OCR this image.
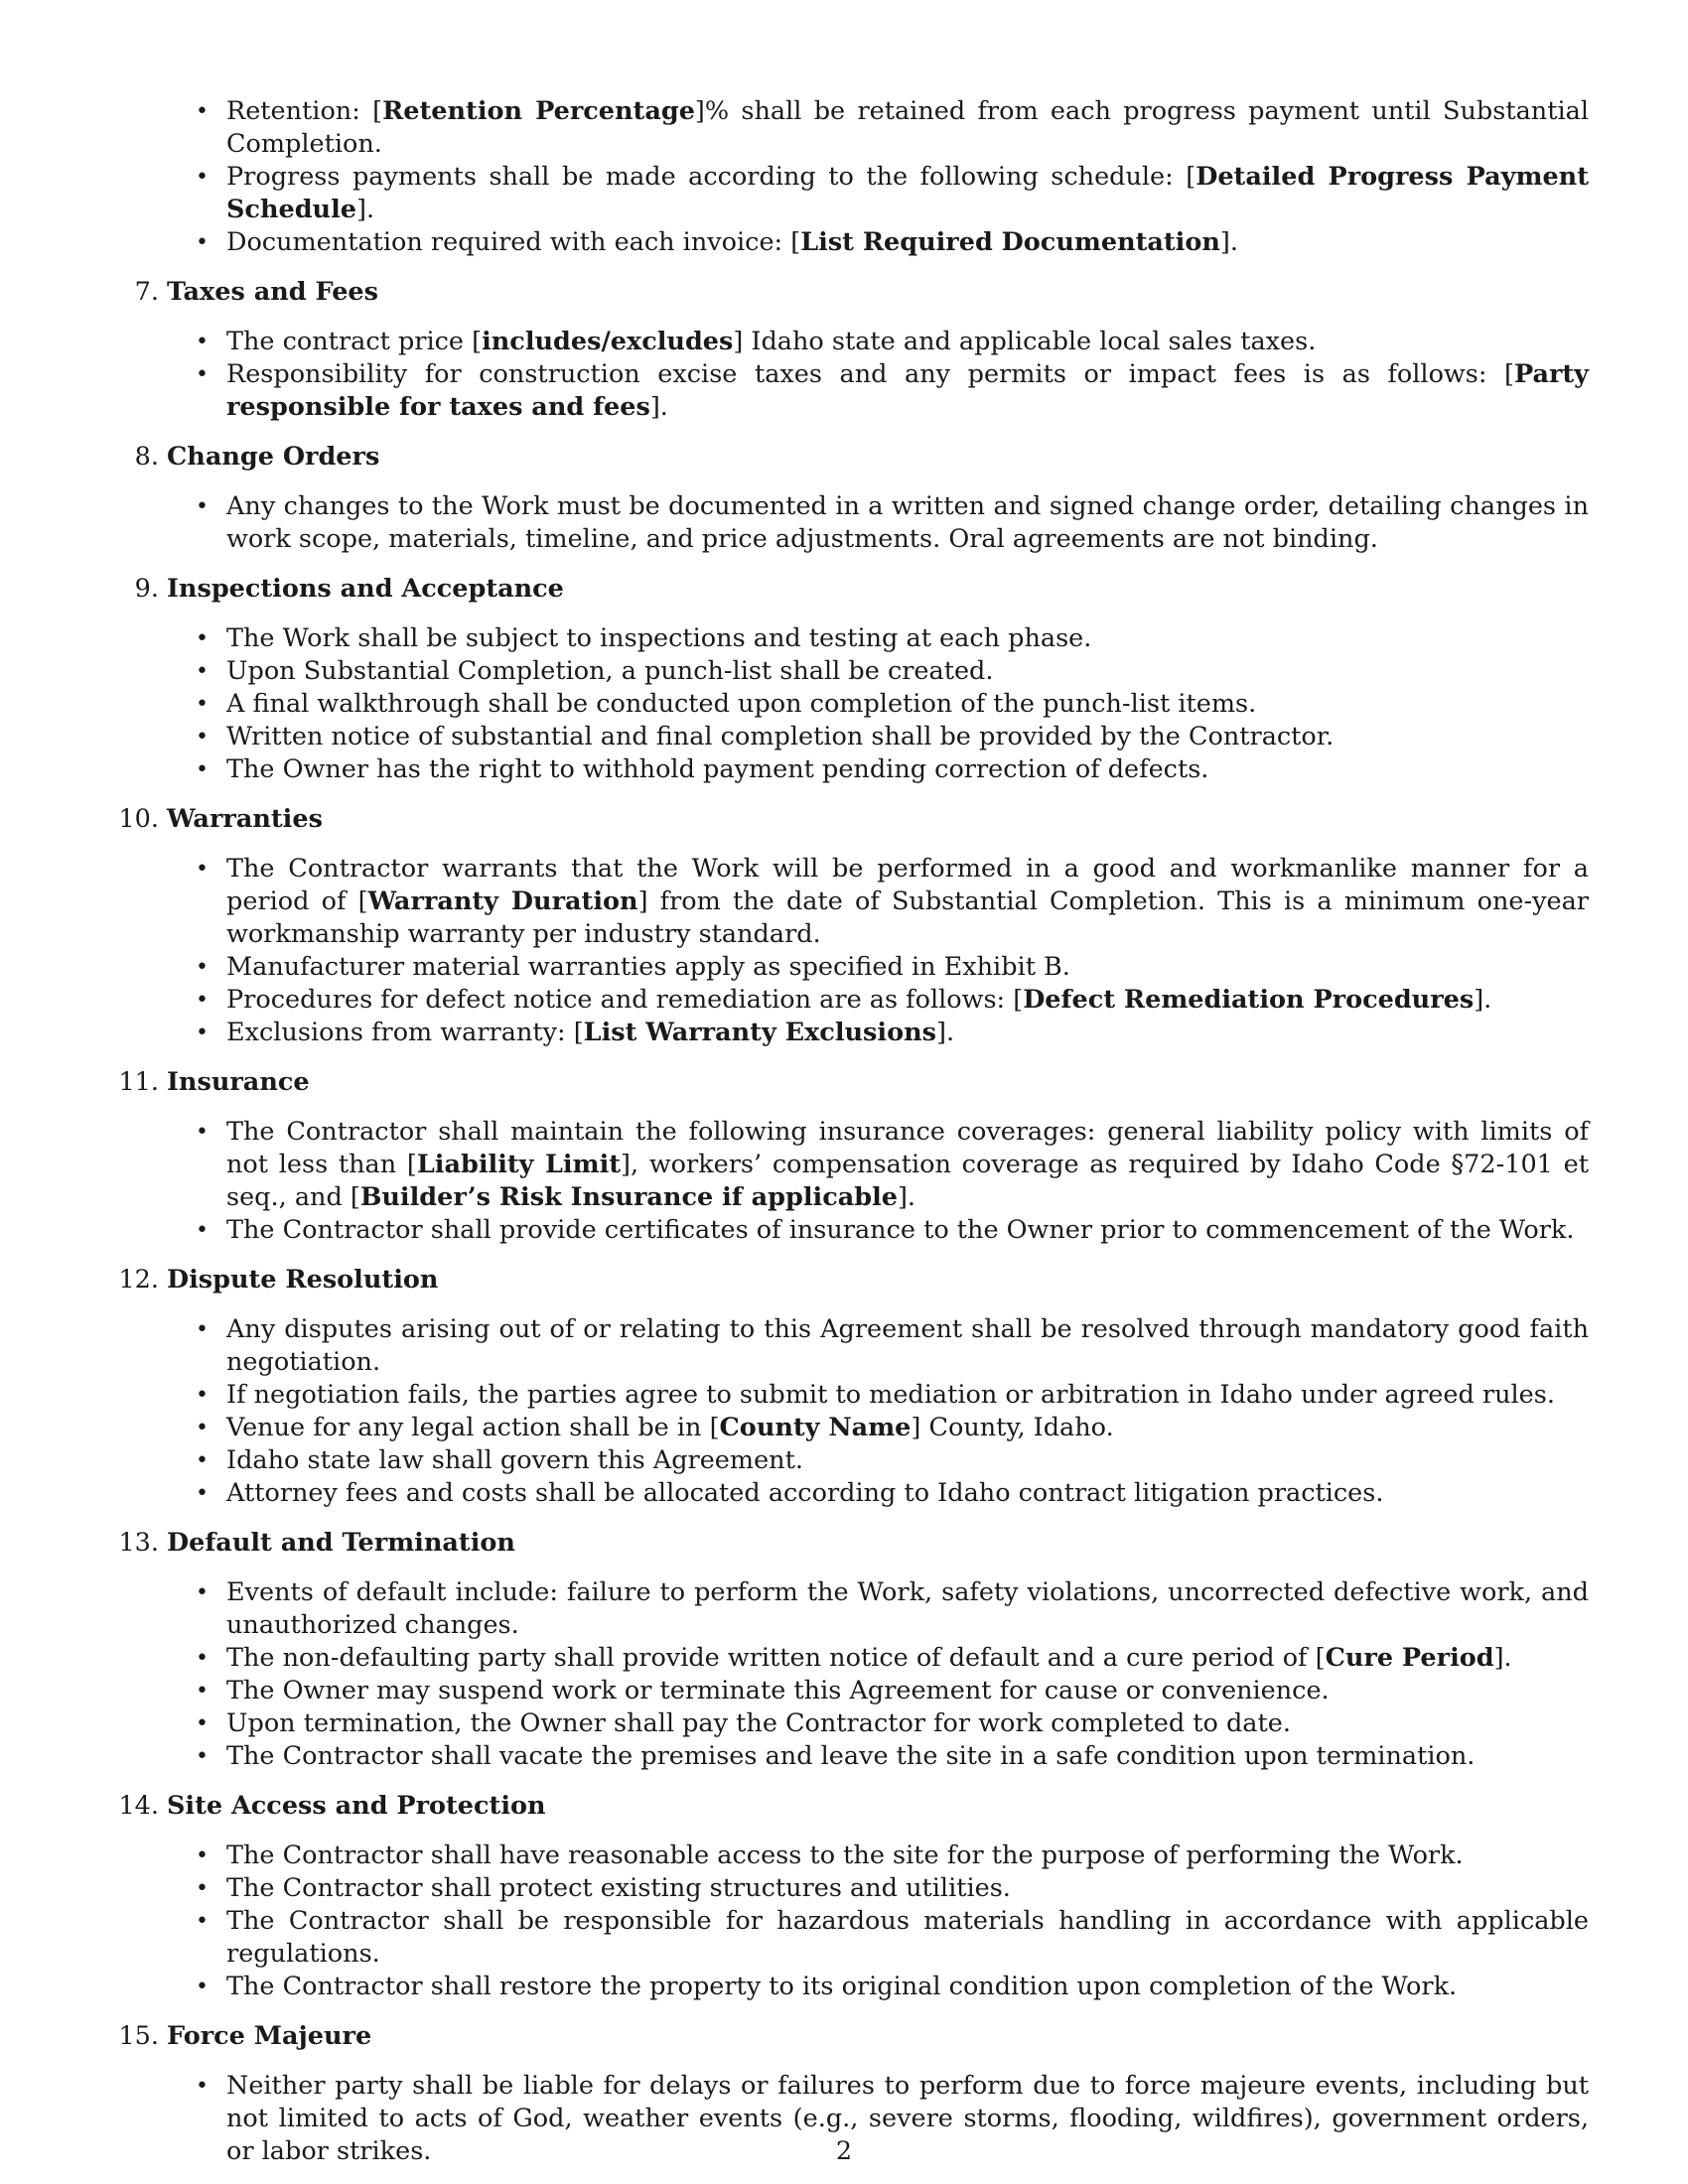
• Retention: [Retention Percentage]% shall be retained from each progress payment until Substantial Completion.
• Progress payments shall be made according to the following schedule: [Detailed Progress Payment Schedule].
• Documentation required with each invoice: [List Required Documentation].
7. Taxes and Fees
• The contract price [includes/excludes] Idaho state and applicable local sales taxes.
• Responsibility for construction excise taxes and any permits or impact fees is as follows: [Party responsible for taxes and fees].
8. Change Orders
• Any changes to the Work must be documented in a written and signed change order, detailing changes in work scope, materials, timeline, and price adjustments. Oral agreements are not binding.
9. Inspections and Acceptance
• The Work shall be subject to inspections and testing at each phase.
• Upon Substantial Completion, a punch-list shall be created.
• A final walkthrough shall be conducted upon completion of the punch-list items.
• Written notice of substantial and final completion shall be provided by the Contractor.
• The Owner has the right to withhold payment pending correction of defects.
10. Warranties
• The Contractor warrants that the Work will be performed in a good and workmanlike manner for a period of [Warranty Duration] from the date of Substantial Completion. This is a minimum one-year workmanship warranty per industry standard.
• Manufacturer material warranties apply as specified in Exhibit B.
• Procedures for defect notice and remediation are as follows: [Defect Remediation Procedures].
• Exclusions from warranty: [List Warranty Exclusions].
11. Insurance
• The Contractor shall maintain the following insurance coverages: general liability policy with limits of not less than [Liability Limit], workers’ compensation coverage as required by Idaho Code §72-101 et seq., and [Builder’s Risk Insurance if applicable].
• The Contractor shall provide certificates of insurance to the Owner prior to commencement of the Work.
12. Dispute Resolution
• Any disputes arising out of or relating to this Agreement shall be resolved through mandatory good faith negotiation.
• If negotiation fails, the parties agree to submit to mediation or arbitration in Idaho under agreed rules.
• Venue for any legal action shall be in [County Name] County, Idaho.
• Idaho state law shall govern this Agreement.
• Attorney fees and costs shall be allocated according to Idaho contract litigation practices.
13. Default and Termination
• Events of default include: failure to perform the Work, safety violations, uncorrected defective work, and unauthorized changes.
• The non-defaulting party shall provide written notice of default and a cure period of [Cure Period].
• The Owner may suspend work or terminate this Agreement for cause or convenience.
• Upon termination, the Owner shall pay the Contractor for work completed to date.
• The Contractor shall vacate the premises and leave the site in a safe condition upon termination.
14. Site Access and Protection
• The Contractor shall have reasonable access to the site for the purpose of performing the Work.
• The Contractor shall protect existing structures and utilities.
• The Contractor shall be responsible for hazardous materials handling in accordance with applicable regulations.
• The Contractor shall restore the property to its original condition upon completion of the Work.
15. Force Majeure
• Neither party shall be liable for delays or failures to perform due to force majeure events, including but not limited to acts of God, weather events (e.g., severe storms, flooding, wildfires), government orders, or labor strikes.	2
